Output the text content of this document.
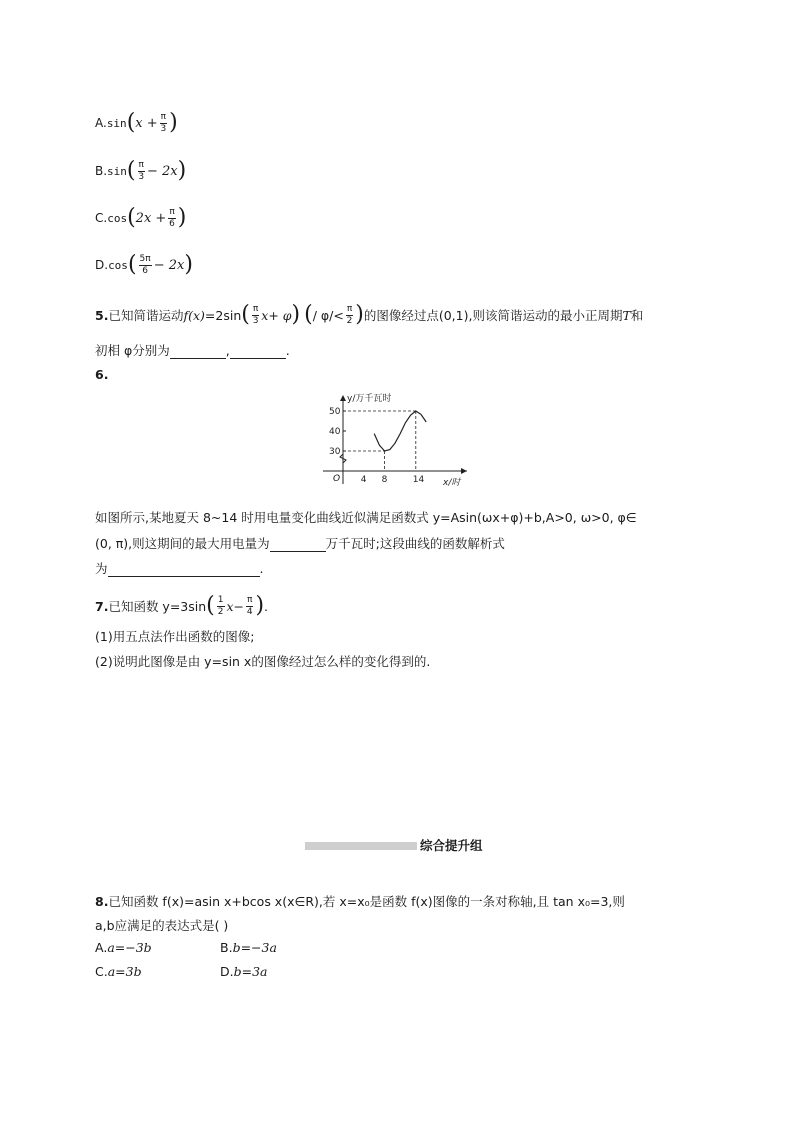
A. sin ( $x + \frac{\pi}{3}$ )
B. sin ( $\frac{\pi}{3} - 2x$ )
C. cos ( $2x + \frac{\pi}{6}$ )
D. cos ( $\frac{5\pi}{6} - 2x$ )
5. 已知简谐运动 f(x) =2sin ( $\frac{\pi}{3} x+ \varphi$ ) ( / $\varphi/< \frac{\pi}{2}$ ) 的图像经过点(0,1),则该简谐运动的最小正周期 T 和
初相 φ分别为	,	.
6.
y/万千瓦时
x/时
O 4 8	14
30
40
50
如图所示,某地夏天 8~14 时用电量变化曲线近似满足函数式 y=Asin(ωx+φ)+b,A>0, ω>0, φ∈
(0, π),则这期间的最大用电量为	万千瓦时;这段曲线的函数解析式
为	.
7. 已知函数 y=3sin ( $\frac{1}{2} x- \frac{\pi}{4}$ ) .
(1)用五点法作出函数的图像;
(2)说明此图像是由 y=sin x的图像经过怎么样的变化得到的.
综合提升组
8.已知函数 f(x)=asin x+bcos x(x∈R),若 x=x₀是函数 f(x)图像的一条对称轴,且 tan x₀=3,则
a,b应满足的表达式是( )
A.a=−3b	B.b=−3a
C.a=3b	D.b=3a
